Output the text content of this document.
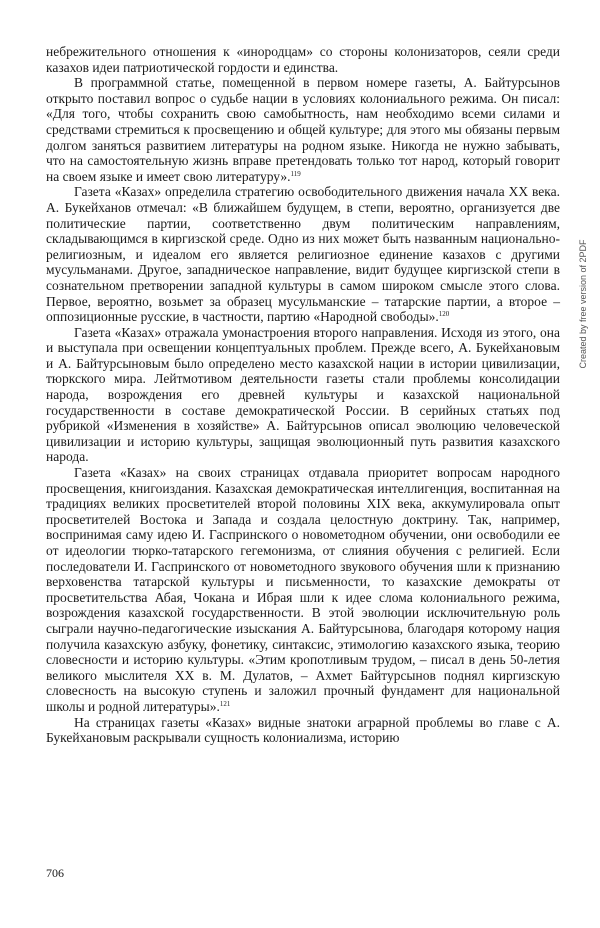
небрежительного отношения к «инородцам» со стороны колонизаторов, сеяли среди казахов идеи патриотической гордости и единства.

В программной статье, помещенной в первом номере газеты, А. Байтурсынов открыто поставил вопрос о судьбе нации в условиях колониального режима. Он писал: «Для того, чтобы сохранить свою самобытность, нам необходимо всеми силами и средствами стремиться к просвещению и общей культуре; для этого мы обязаны первым долгом заняться развитием литературы на родном языке. Никогда не нужно забывать, что на самостоятельную жизнь вправе претендовать только тот народ, который говорит на своем языке и имеет свою литературу».$^{119}$

Газета «Казах» определила стратегию освободительного движения начала XX века. А. Букейханов отмечал: «В ближайшем будущем, в степи, вероятно, организуется две политические партии, соответственно двум политическим направлениям, складывающимся в киргизской среде. Одно из них может быть названным национально-религиозным, и идеалом его является религиозное единение казахов с другими мусульманами. Другое, западническое направление, видит будущее киргизской степи в сознательном претворении западной культуры в самом широком смысле этого слова. Первое, вероятно, возьмет за образец мусульманские – татарские партии, а второе – оппозиционные русские, в частности, партию «Народной свободы».$^{120}$

Газета «Казах» отражала умонастроения второго направления. Исходя из этого, она и выступала при освещении концептуальных проблем. Прежде всего, А. Букейхановым и А. Байтурсыновым было определено место казахской нации в истории цивилизации, тюркского мира. Лейтмотивом деятельности газеты стали проблемы консолидации народа, возрождения его древней культуры и казахской национальной государственности в составе демократической России. В серийных статьях под рубрикой «Изменения в хозяйстве» А. Байтурсынов описал эволюцию человеческой цивилизации и историю культуры, защищая эволюционный путь развития казахского народа.

Газета «Казах» на своих страницах отдавала приоритет вопросам народного просвещения, книгоиздания. Казахская демократическая интеллигенция, воспитанная на традициях великих просветителей второй половины XIX века, аккумулировала опыт просветителей Востока и Запада и создала целостную доктрину. Так, например, воспринимая саму идею И. Гаспринского о новометодном обучении, они освободили ее от идеологии тюрко-татарского гегемонизма, от слияния обучения с религией. Если последователи И. Гаспринского от новометодного звукового обучения шли к признанию верховенства татарской культуры и письменности, то казахские демократы от просветительства Абая, Чокана и Ибрая шли к идее слома колониального режима, возрождения казахской государственности. В этой эволюции исключительную роль сыграли научно-педагогические изыскания А. Байтурсынова, благодаря которому нация получила казахскую азбуку, фонетику, синтаксис, этимологию казахского языка, теорию словесности и историю культуры. «Этим кропотливым трудом, – писал в день 50-летия великого мыслителя XX в. М. Дулатов, – Ахмет Байтурсынов поднял киргизскую словесность на высокую ступень и заложил прочный фундамент для национальной школы и родной литературы».$^{121}$

На страницах газеты «Казах» видные знатоки аграрной проблемы во главе с А. Букейхановым раскрывали сущность колониализма, историю

706
Created by free version of 2PDF
